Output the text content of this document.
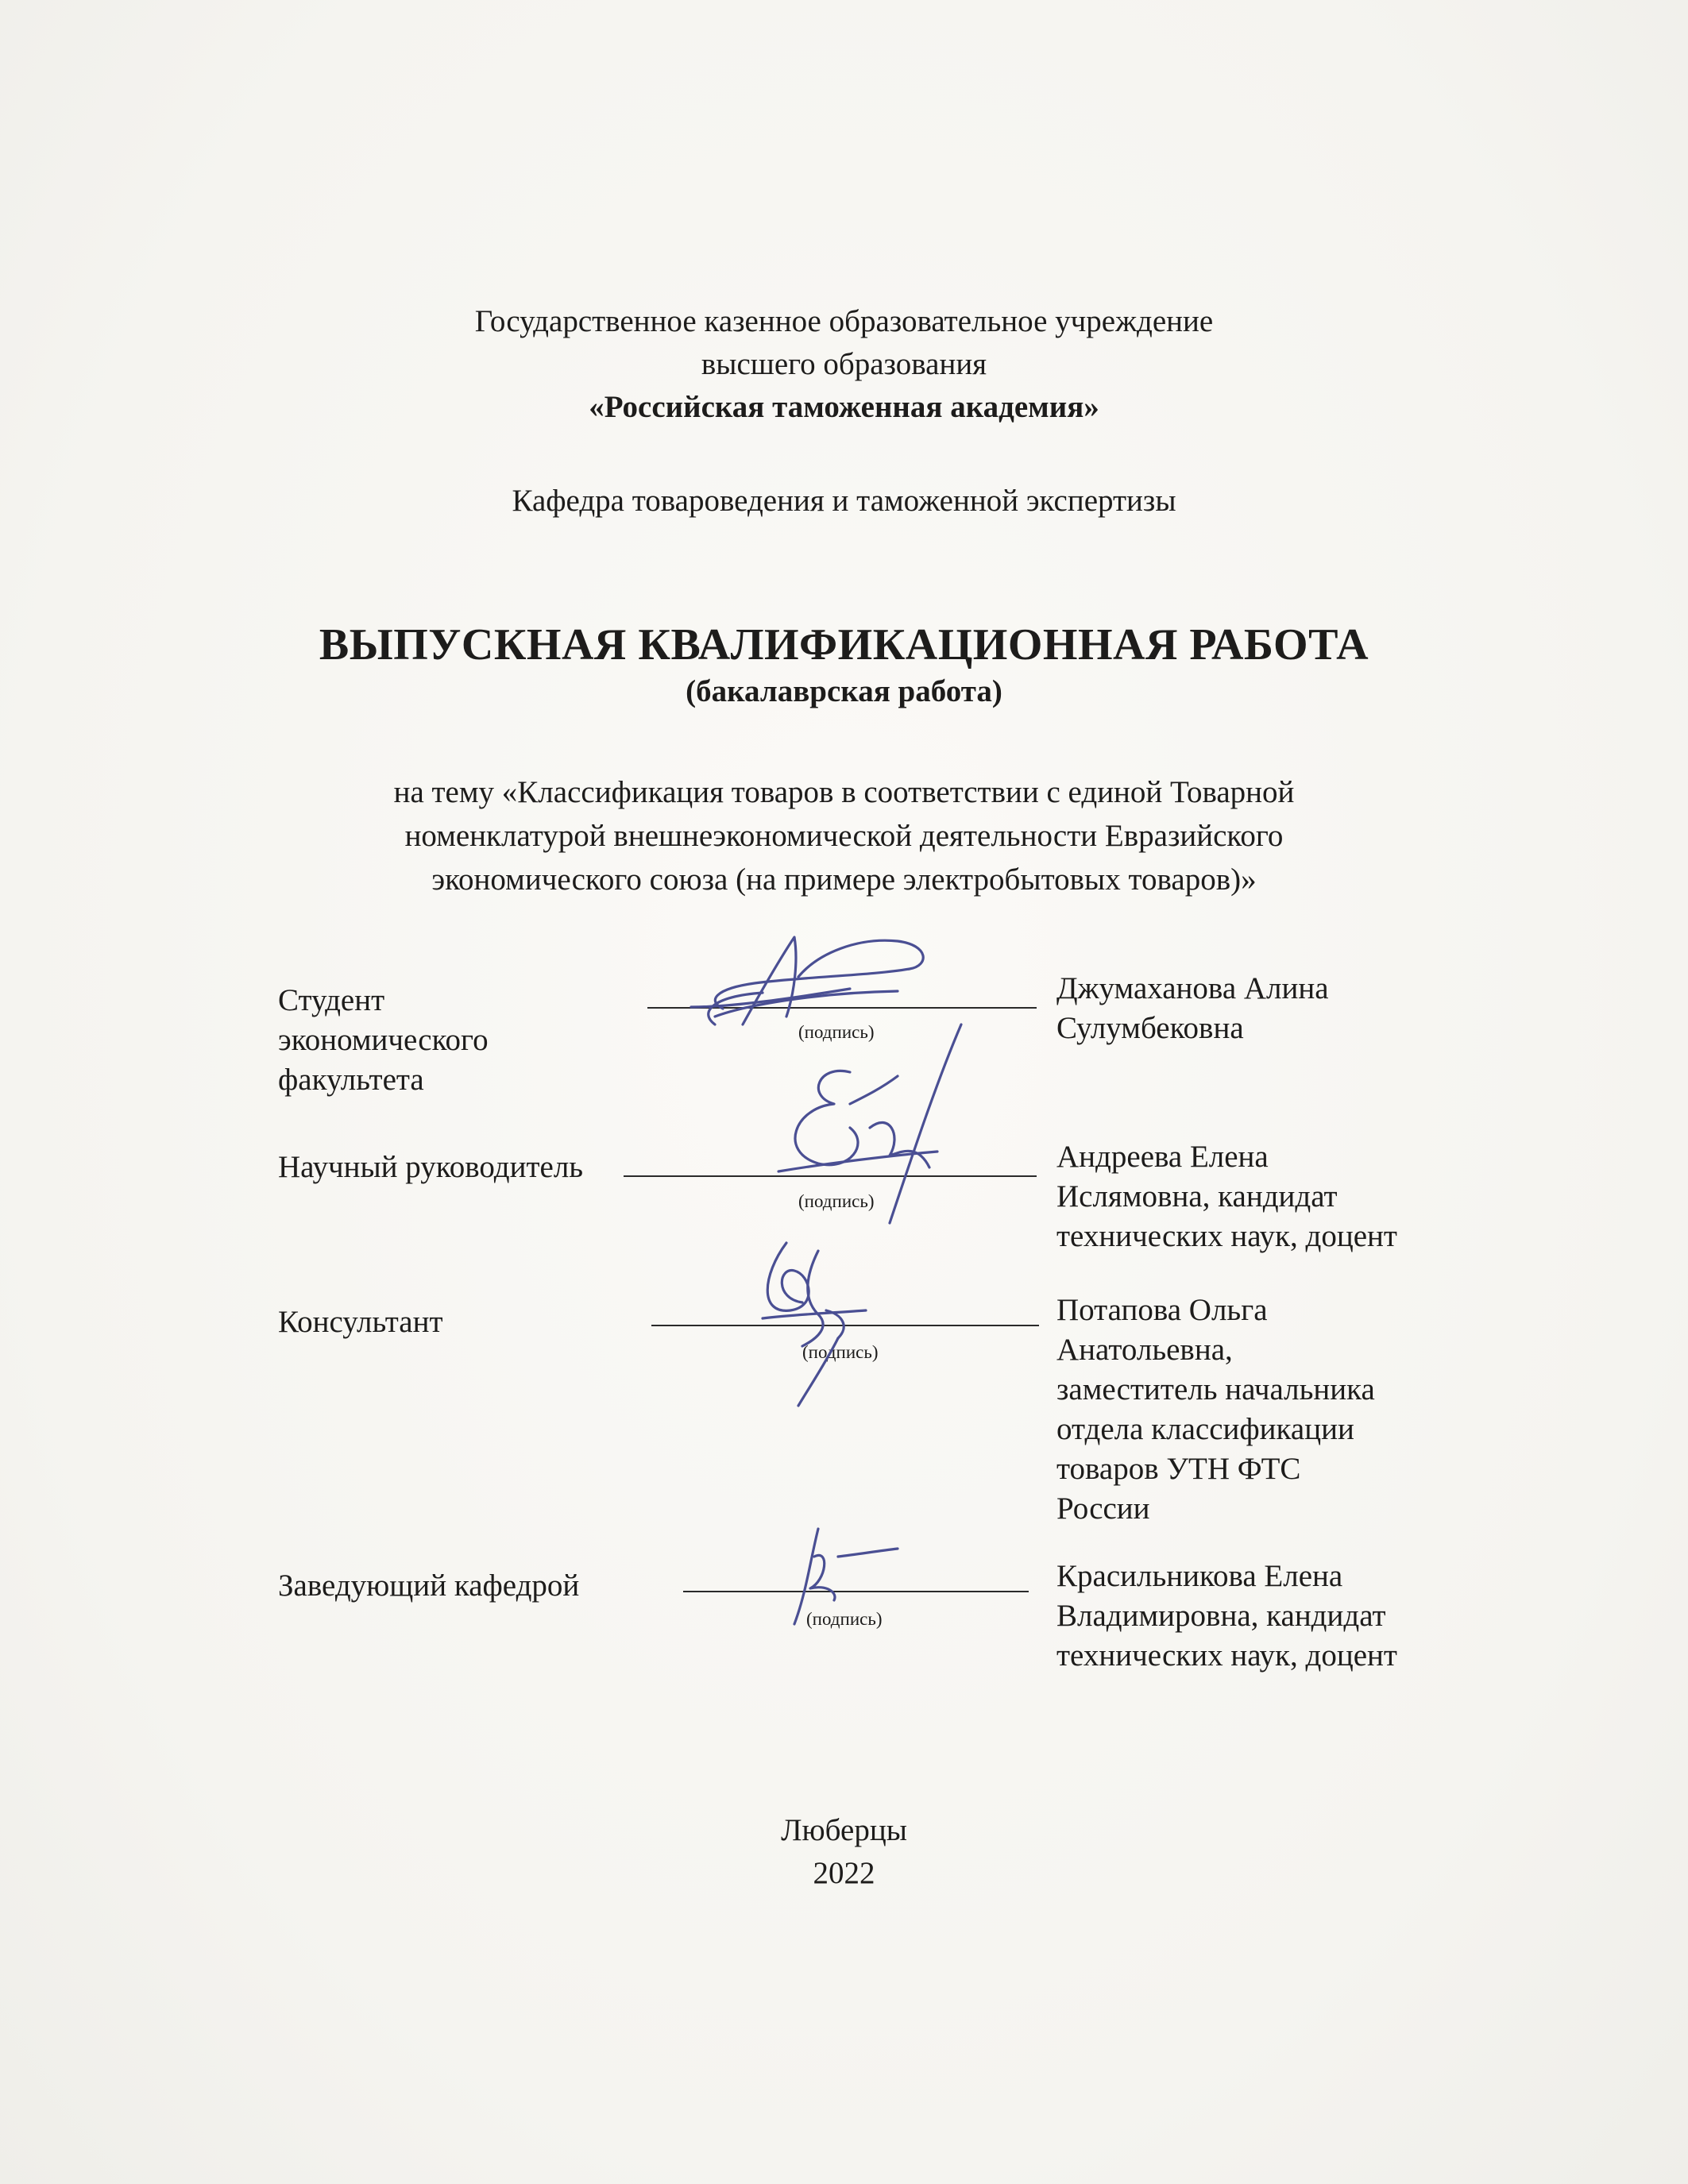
Государственное казенное образовательное учреждение
высшего образования
«Российская таможенная академия»
Кафедра товароведения и таможенной экспертизы
ВЫПУСКНАЯ КВАЛИФИКАЦИОННАЯ РАБОТА
(бакалаврская работа)
на тему «Классификация товаров в соответствии с единой Товарной
номенклатурой внешнеэкономической деятельности Евразийского
экономического союза (на примере электробытовых товаров)»
Студент
экономического
факультета
(подпись)
Джумаханова Алина
Сулумбековна
Научный руководитель
(подпись)
Андреева Елена
Ислямовна, кандидат
технических наук, доцент
Консультант
(подпись)
Потапова Ольга
Анатольевна,
заместитель начальника
отдела классификации
товаров УТН ФТС
России
Заведующий кафедрой
(подпись)
Красильникова Елена
Владимировна, кандидат
технических наук, доцент
Люберцы
2022
